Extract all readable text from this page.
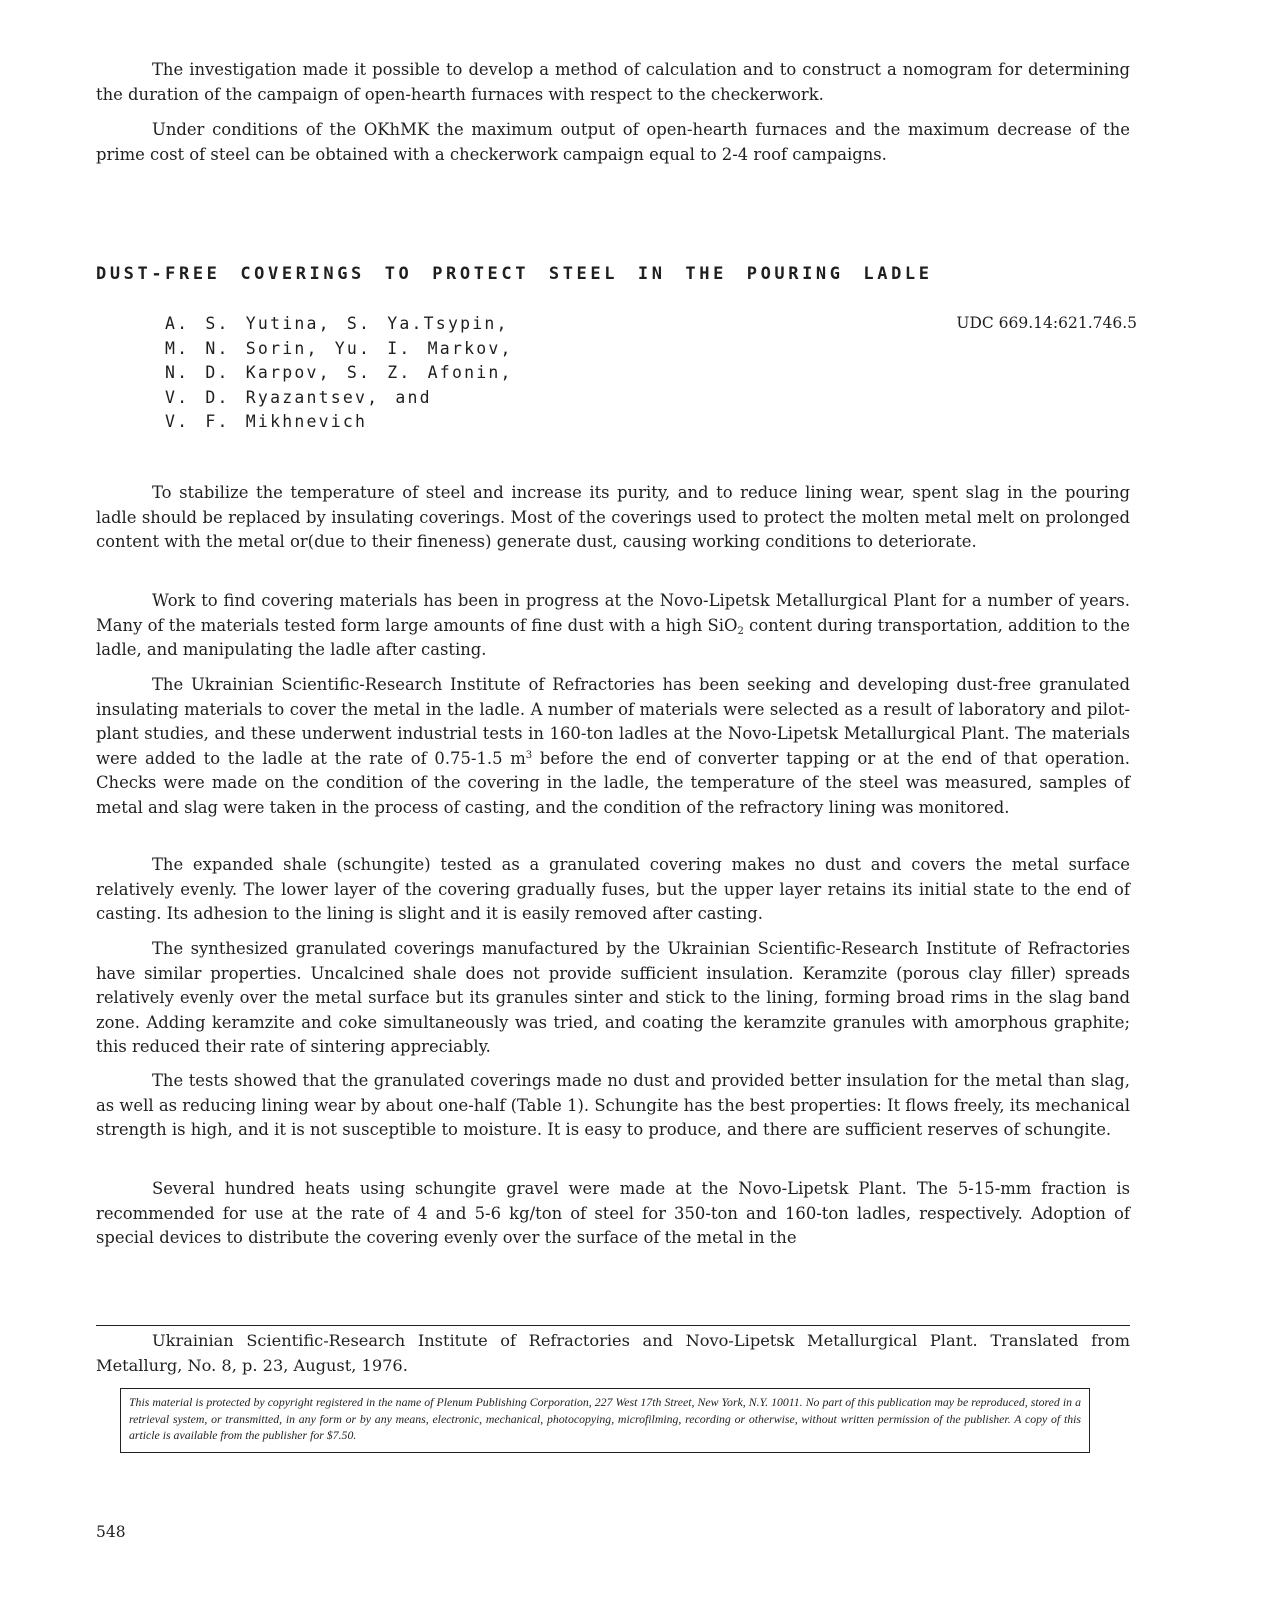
The investigation made it possible to develop a method of calculation and to construct a nomogram for determining the duration of the campaign of open-hearth furnaces with respect to the checkerwork.

Under conditions of the OKhMK the maximum output of open-hearth furnaces and the maximum decrease of the prime cost of steel can be obtained with a checkerwork campaign equal to 2-4 roof campaigns.

DUST-FREE COVERINGS TO PROTECT STEEL IN THE POURING LADLE
A. S. Yutina, S. Ya.Tsypin,
M. N. Sorin, Yu. I. Markov,
N. D. Karpov, S. Z. Afonin,
V. D. Ryazantsev, and
V. F. Mikhnevich
UDC 669.14:621.746.5

To stabilize the temperature of steel and increase its purity, and to reduce lining wear, spent slag in the pouring ladle should be replaced by insulating coverings. Most of the coverings used to protect the molten metal melt on prolonged content with the metal or(due to their fineness) generate dust, causing working conditions to deteriorate.

Work to find covering materials has been in progress at the Novo-Lipetsk Metallurgical Plant for a number of years. Many of the materials tested form large amounts of fine dust with a high SiO$_2$ content during transportation, addition to the ladle, and manipulating the ladle after casting.

The Ukrainian Scientific-Research Institute of Refractories has been seeking and developing dust-free granulated insulating materials to cover the metal in the ladle. A number of materials were selected as a result of laboratory and pilot-plant studies, and these underwent industrial tests in 160-ton ladles at the Novo-Lipetsk Metallurgical Plant. The materials were added to the ladle at the rate of 0.75-1.5 $m^3$ before the end of converter tapping or at the end of that operation. Checks were made on the condition of the covering in the ladle, the temperature of the steel was measured, samples of metal and slag were taken in the process of casting, and the condition of the refractory lining was monitored.

The expanded shale (schungite) tested as a granulated covering makes no dust and covers the metal surface relatively evenly. The lower layer of the covering gradually fuses, but the upper layer retains its initial state to the end of casting. Its adhesion to the lining is slight and it is easily removed after casting.

The synthesized granulated coverings manufactured by the Ukrainian Scientific-Research Institute of Refractories have similar properties. Uncalcined shale does not provide sufficient insulation. Keramzite (porous clay filler) spreads relatively evenly over the metal surface but its granules sinter and stick to the lining, forming broad rims in the slag band zone. Adding keramzite and coke simultaneously was tried, and coating the keramzite granules with amorphous graphite; this reduced their rate of sintering appreciably.

The tests showed that the granulated coverings made no dust and provided better insulation for the metal than slag, as well as reducing lining wear by about one-half (Table 1). Schungite has the best properties: It flows freely, its mechanical strength is high, and it is not susceptible to moisture. It is easy to produce, and there are sufficient reserves of schungite.

Several hundred heats using schungite gravel were made at the Novo-Lipetsk Plant. The 5-15-mm fraction is recommended for use at the rate of 4 and 5-6 kg/ton of steel for 350-ton and 160-ton ladles, respectively. Adoption of special devices to distribute the covering evenly over the surface of the metal in the

Ukrainian Scientific-Research Institute of Refractories and Novo-Lipetsk Metallurgical Plant. Translated from Metallurg, No. 8, p. 23, August, 1976.

This material is protected by copyright registered in the name of Plenum Publishing Corporation, 227 West 17th Street, New York, N.Y. 10011. No part of this publication may be reproduced, stored in a retrieval system, or transmitted, in any form or by any means, electronic, mechanical, photocopying, microfilming, recording or otherwise, without written permission of the publisher. A copy of this article is available from the publisher for $7.50.

548
